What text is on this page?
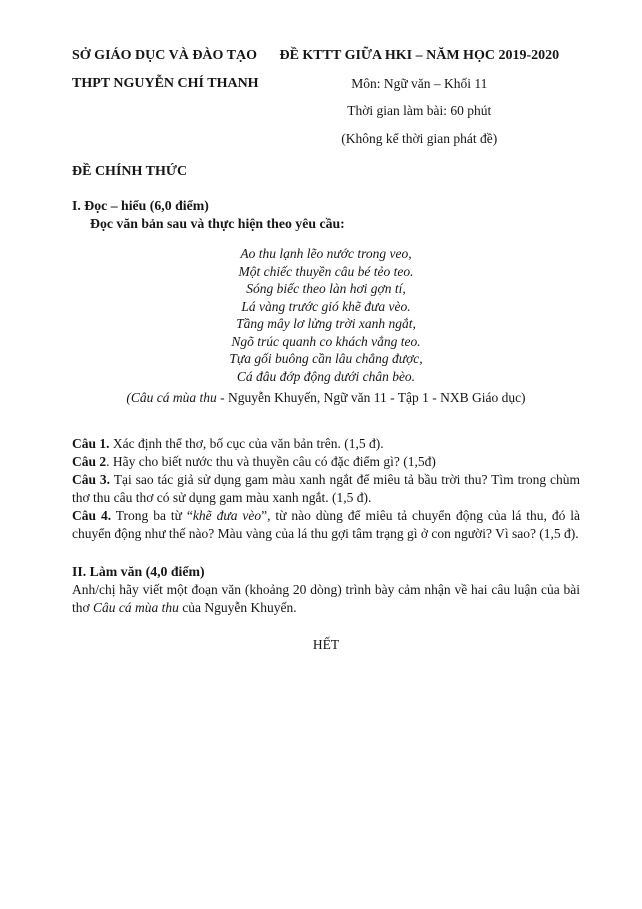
SỞ GIÁO DỤC VÀ ĐÀO TẠO
THPT NGUYỄN CHÍ THANH
ĐỀ KTTT GIỮA HKI – NĂM HỌC 2019-2020
Môn: Ngữ văn – Khối 11
Thời gian làm bài: 60 phút
(Không kể thời gian phát đề)
ĐỀ CHÍNH THỨC
I. Đọc – hiểu (6,0 điểm)
Đọc văn bản sau và thực hiện theo yêu cầu:
Ao thu lạnh lẽo nước trong veo,
Một chiếc thuyền câu bé tẻo teo.
Sóng biếc theo làn hơi gợn tí,
Lá vàng trước gió khẽ đưa vèo.
Tầng mây lơ lửng trời xanh ngắt,
Ngõ trúc quanh co khách vắng teo.
Tựa gối buông cần lâu chẳng được,
Cá đâu đớp động dưới chân bèo.
(Câu cá mùa thu - Nguyễn Khuyến, Ngữ văn 11 - Tập 1 - NXB Giáo dục)

Câu 1. Xác định thể thơ, bố cục của văn bản trên. (1,5 đ).

Câu 2. Hãy cho biết nước thu và thuyền câu có đặc điểm gì? (1,5đ)

Câu 3. Tại sao tác giả sử dụng gam màu xanh ngắt để miêu tả bầu trời thu? Tìm trong chùm thơ thu câu thơ có sử dụng gam màu xanh ngắt. (1,5 đ).

Câu 4. Trong ba từ “khẽ đưa vèo”, từ nào dùng để miêu tả chuyển động của lá thu, đó là chuyển động như thế nào? Màu vàng của lá thu gợi tâm trạng gì ở con người? Vì sao? (1,5 đ).

II. Làm văn (4,0 điểm)

Anh/chị hãy viết một đoạn văn (khoảng 20 dòng) trình bày cảm nhận về hai câu luận của bài thơ Câu cá mùa thu của Nguyễn Khuyến.

HẾT
